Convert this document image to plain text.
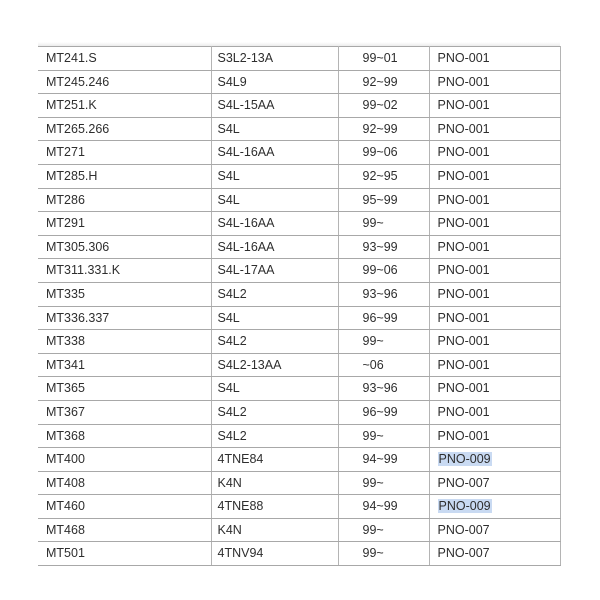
MT241.S	S3L2-13A	99~01	PNO-001
MT245.246	S4L9	92~99	PNO-001
MT251.K	S4L-15AA	99~02	PNO-001
MT265.266	S4L	92~99	PNO-001
MT271	S4L-16AA	99~06	PNO-001
MT285.H	S4L	92~95	PNO-001
MT286	S4L	95~99	PNO-001
MT291	S4L-16AA	99~	PNO-001
MT305.306	S4L-16AA	93~99	PNO-001
MT311.331.K	S4L-17AA	99~06	PNO-001
MT335	S4L2	93~96	PNO-001
MT336.337	S4L	96~99	PNO-001
MT338	S4L2	99~	PNO-001
MT341	S4L2-13AA	~06	PNO-001
MT365	S4L	93~96	PNO-001
MT367	S4L2	96~99	PNO-001
MT368	S4L2	99~	PNO-001
MT400	4TNE84	94~99	PNO-009
MT408	K4N	99~	PNO-007
MT460	4TNE88	94~99	PNO-009
MT468	K4N	99~	PNO-007
MT501	4TNV94	99~	PNO-007
